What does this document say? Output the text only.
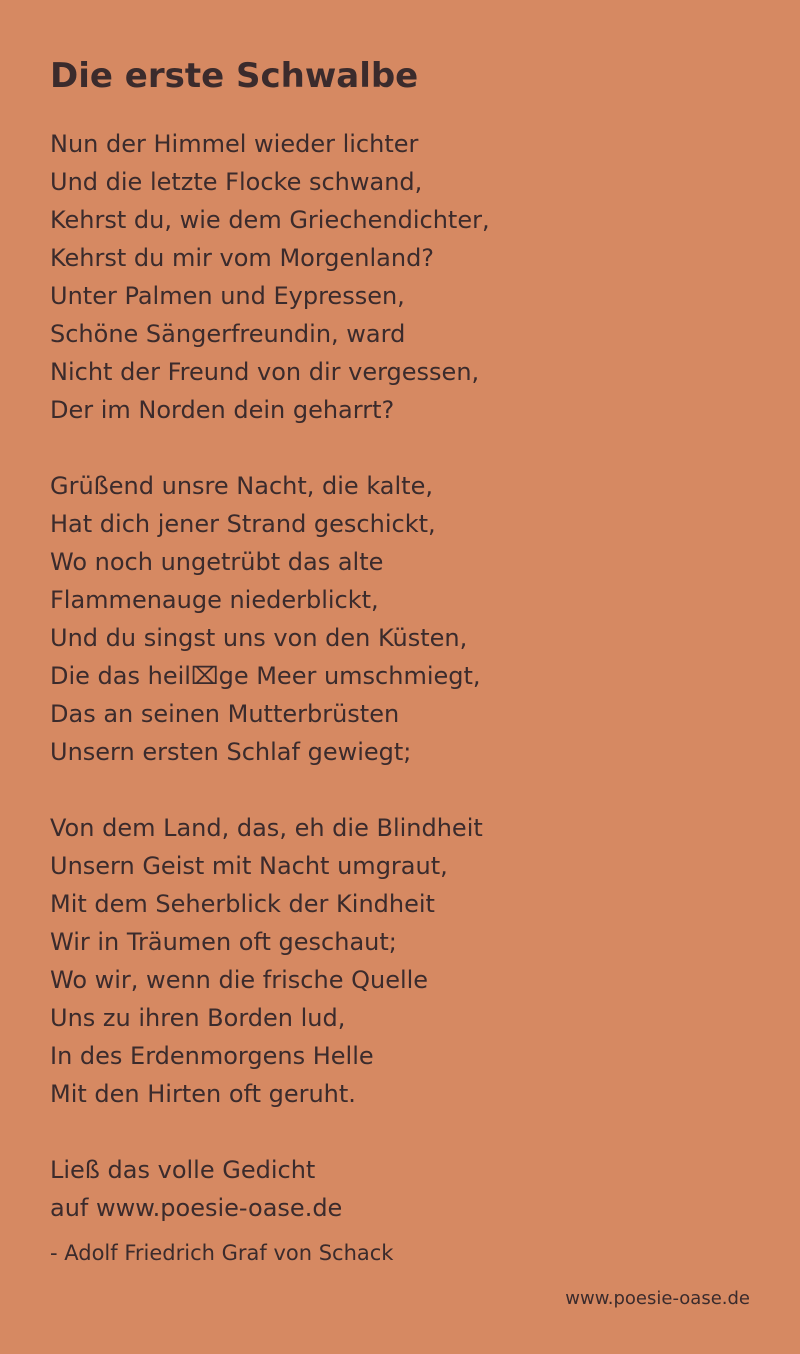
Die erste Schwalbe
Nun der Himmel wieder lichter
Und die letzte Flocke schwand,
Kehrst du, wie dem Griechendichter,
Kehrst du mir vom Morgenland?
Unter Palmen und Eypressen,
Schöne Sängerfreundin, ward
Nicht der Freund von dir vergessen,
Der im Norden dein geharrt?
Grüßend unsre Nacht, die kalte,
Hat dich jener Strand geschickt,
Wo noch ungetrübt das alte
Flammenauge niederblickt,
Und du singst uns von den Küsten,
Die das heil⌧ge Meer umschmiegt,
Das an seinen Mutterbrüsten
Unsern ersten Schlaf gewiegt;
Von dem Land, das, eh die Blindheit
Unsern Geist mit Nacht umgraut,
Mit dem Seherblick der Kindheit
Wir in Träumen oft geschaut;
Wo wir, wenn die frische Quelle
Uns zu ihren Borden lud,
In des Erdenmorgens Helle
Mit den Hirten oft geruht.
Ließ das volle Gedicht
auf www.poesie-oase.de
- Adolf Friedrich Graf von Schack
www.poesie-oase.de
